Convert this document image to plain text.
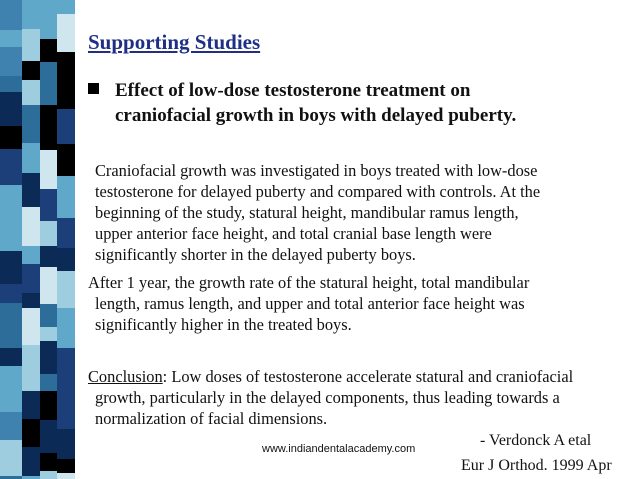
Supporting Studies
Effect of low-dose testosterone treatment on
craniofacial growth in boys with delayed puberty.
Craniofacial growth was investigated in boys treated with low-dose
testosterone for delayed puberty and compared with controls. At the
beginning of the study, statural height, mandibular ramus length,
upper anterior face height, and total cranial base length were
significantly shorter in the delayed puberty boys.
After 1 year, the growth rate of the statural height, total mandibular
length, ramus length, and upper and total anterior face height was
significantly higher in the treated boys.
Conclusion: Low doses of testosterone accelerate statural and craniofacial
growth, particularly in the delayed components, thus leading towards a
normalization of facial dimensions.
www.indiandentalacademy.com	- Verdonck A etal
Eur J Orthod. 1999 Apr
